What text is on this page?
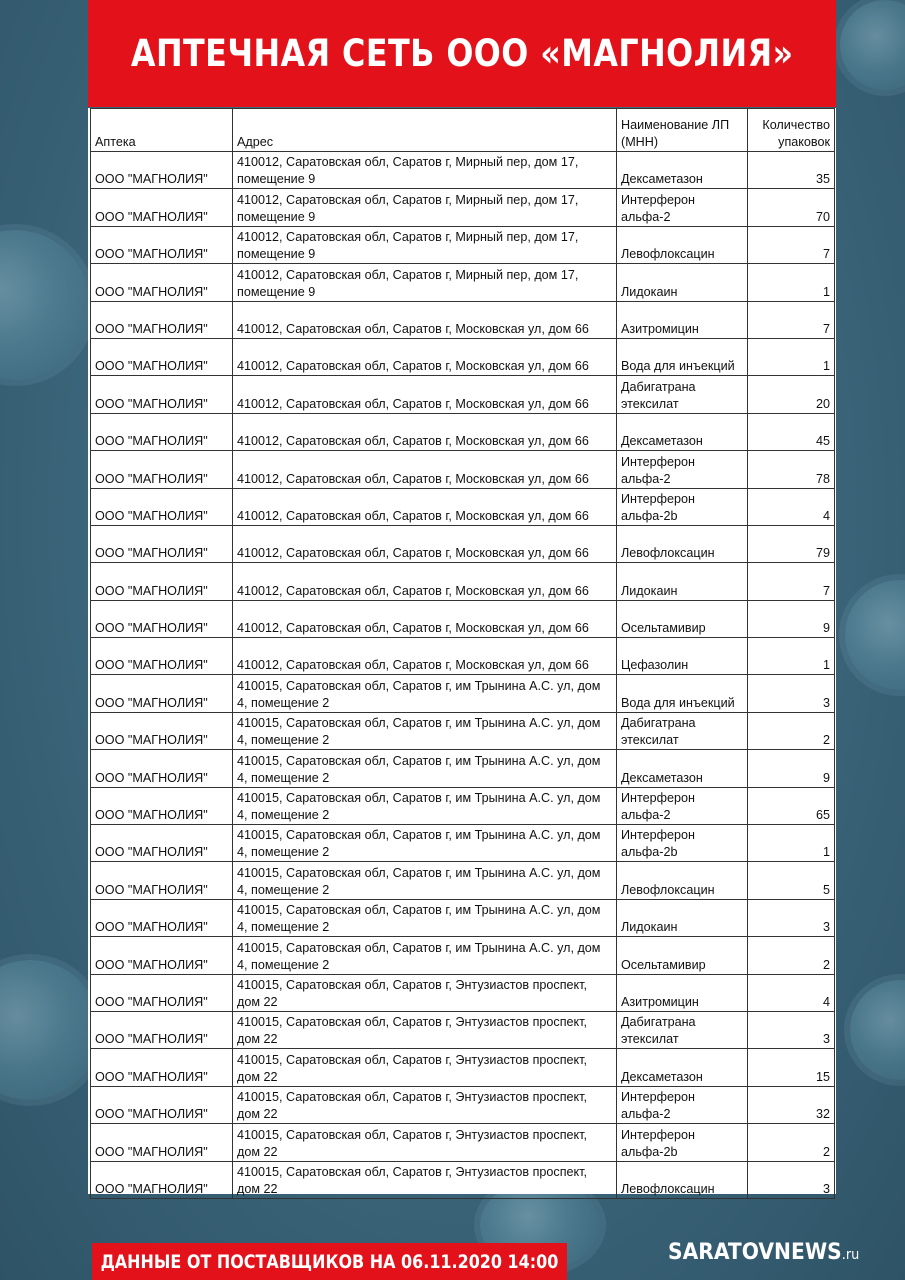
АПТЕЧНАЯ СЕТЬ ООО «МАГНОЛИЯ»
Аптека	Адрес	Наименование ЛП (МНН)	Количество упаковок
ООО "МАГНОЛИЯ"	410012, Саратовская обл, Саратов г, Мирный пер, дом 17, помещение 9	Дексаметазон	35
ООО "МАГНОЛИЯ"	410012, Саратовская обл, Саратов г, Мирный пер, дом 17, помещение 9	Интерферон альфа-2	70
ООО "МАГНОЛИЯ"	410012, Саратовская обл, Саратов г, Мирный пер, дом 17, помещение 9	Левофлоксацин	7
ООО "МАГНОЛИЯ"	410012, Саратовская обл, Саратов г, Мирный пер, дом 17, помещение 9	Лидокаин	1
ООО "МАГНОЛИЯ"	410012, Саратовская обл, Саратов г, Московская ул, дом 66	Азитромицин	7
ООО "МАГНОЛИЯ"	410012, Саратовская обл, Саратов г, Московская ул, дом 66	Вода для инъекций	1
ООО "МАГНОЛИЯ"	410012, Саратовская обл, Саратов г, Московская ул, дом 66	Дабигатрана этексилат	20
ООО "МАГНОЛИЯ"	410012, Саратовская обл, Саратов г, Московская ул, дом 66	Дексаметазон	45
ООО "МАГНОЛИЯ"	410012, Саратовская обл, Саратов г, Московская ул, дом 66	Интерферон альфа-2	78
ООО "МАГНОЛИЯ"	410012, Саратовская обл, Саратов г, Московская ул, дом 66	Интерферон альфа-2b	4
ООО "МАГНОЛИЯ"	410012, Саратовская обл, Саратов г, Московская ул, дом 66	Левофлоксацин	79
ООО "МАГНОЛИЯ"	410012, Саратовская обл, Саратов г, Московская ул, дом 66	Лидокаин	7
ООО "МАГНОЛИЯ"	410012, Саратовская обл, Саратов г, Московская ул, дом 66	Осельтамивир	9
ООО "МАГНОЛИЯ"	410012, Саратовская обл, Саратов г, Московская ул, дом 66	Цефазолин	1
ООО "МАГНОЛИЯ"	410015, Саратовская обл, Саратов г, им Трынина А.С. ул, дом 4, помещение 2	Вода для инъекций	3
ООО "МАГНОЛИЯ"	410015, Саратовская обл, Саратов г, им Трынина А.С. ул, дом 4, помещение 2	Дабигатрана этексилат	2
ООО "МАГНОЛИЯ"	410015, Саратовская обл, Саратов г, им Трынина А.С. ул, дом 4, помещение 2	Дексаметазон	9
ООО "МАГНОЛИЯ"	410015, Саратовская обл, Саратов г, им Трынина А.С. ул, дом 4, помещение 2	Интерферон альфа-2	65
ООО "МАГНОЛИЯ"	410015, Саратовская обл, Саратов г, им Трынина А.С. ул, дом 4, помещение 2	Интерферон альфа-2b	1
ООО "МАГНОЛИЯ"	410015, Саратовская обл, Саратов г, им Трынина А.С. ул, дом 4, помещение 2	Левофлоксацин	5
ООО "МАГНОЛИЯ"	410015, Саратовская обл, Саратов г, им Трынина А.С. ул, дом 4, помещение 2	Лидокаин	3
ООО "МАГНОЛИЯ"	410015, Саратовская обл, Саратов г, им Трынина А.С. ул, дом 4, помещение 2	Осельтамивир	2
ООО "МАГНОЛИЯ"	410015, Саратовская обл, Саратов г, Энтузиастов проспект, дом 22	Азитромицин	4
ООО "МАГНОЛИЯ"	410015, Саратовская обл, Саратов г, Энтузиастов проспект, дом 22	Дабигатрана этексилат	3
ООО "МАГНОЛИЯ"	410015, Саратовская обл, Саратов г, Энтузиастов проспект, дом 22	Дексаметазон	15
ООО "МАГНОЛИЯ"	410015, Саратовская обл, Саратов г, Энтузиастов проспект, дом 22	Интерферон альфа-2	32
ООО "МАГНОЛИЯ"	410015, Саратовская обл, Саратов г, Энтузиастов проспект, дом 22	Интерферон альфа-2b	2
ООО "МАГНОЛИЯ"	410015, Саратовская обл, Саратов г, Энтузиастов проспект, дом 22	Левофлоксацин	3
ДАННЫЕ ОТ ПОСТАВЩИКОВ НА 06.11.2020 14:00	SARATOVNEWS.ru
